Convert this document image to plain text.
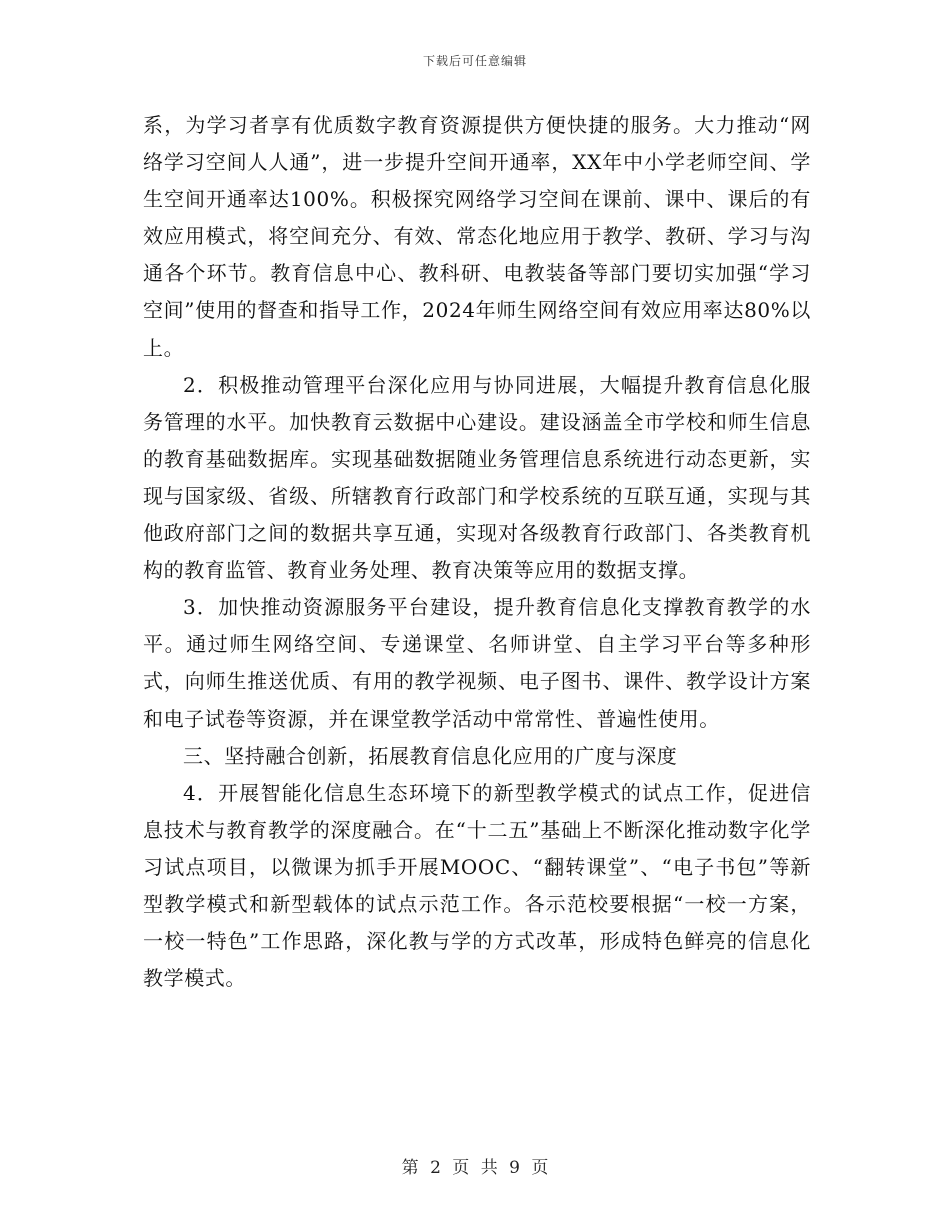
下载后可任意编辑

系，为学习者享有优质数字教育资源提供方便快捷的服务。大力推动“网络学习空间人人通”，进一步提升空间开通率，XX年中小学老师空间、学生空间开通率达100%。积极探究网络学习空间在课前、课中、课后的有效应用模式，将空间充分、有效、常态化地应用于教学、教研、学习与沟通各个环节。教育信息中心、教科研、电教装备等部门要切实加强“学习空间”使用的督查和指导工作，2024年师生网络空间有效应用率达80%以上。

2．积极推动管理平台深化应用与协同进展，大幅提升教育信息化服务管理的水平。加快教育云数据中心建设。建设涵盖全市学校和师生信息的教育基础数据库。实现基础数据随业务管理信息系统进行动态更新，实现与国家级、省级、所辖教育行政部门和学校系统的互联互通，实现与其他政府部门之间的数据共享互通，实现对各级教育行政部门、各类教育机构的教育监管、教育业务处理、教育决策等应用的数据支撑。

3．加快推动资源服务平台建设，提升教育信息化支撑教育教学的水平。通过师生网络空间、专递课堂、名师讲堂、自主学习平台等多种形式，向师生推送优质、有用的教学视频、电子图书、课件、教学设计方案和电子试卷等资源，并在课堂教学活动中常常性、普遍性使用。

三、坚持融合创新，拓展教育信息化应用的广度与深度

4．开展智能化信息生态环境下的新型教学模式的试点工作，促进信息技术与教育教学的深度融合。在“十二五”基础上不断深化推动数字化学习试点项目，以微课为抓手开展MOOC、“翻转课堂”、“电子书包”等新型教学模式和新型载体的试点示范工作。各示范校要根据“一校一方案，一校一特色”工作思路，深化教与学的方式改革，形成特色鲜亮的信息化教学模式。

第 2 页 共 9 页
